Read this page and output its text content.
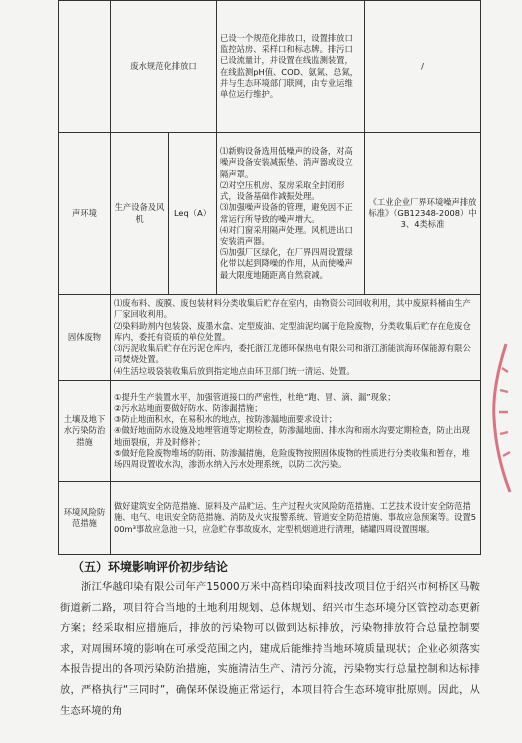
	废水规范化排放口		已设一个规范化排放口，设置排放口监控站房、采样口和标志牌。排污口已设流量计，并设置在线监测装置，在线监测pH值、COD、氨氮、总氮，并与生态环境部门联网，由专业运维单位运行维护。	/
声环境	生产设备及风机	Leq（A）	⑴新购设备选用低噪声的设备，对高噪声设备安装减振垫、消声器或设立隔声罩。

⑵对空压机房、泵房采取全封闭形式，设备基础作减振处理。

⑶加强噪声设备的管理，避免因不正常运行所导致的噪声增大。

⑷对门窗采用隔声处理。风机进出口安装消声器。

⑸加强厂区绿化，在厂界四周设置绿化带以起到降噪的作用，从而使噪声最大限度地随距离自然衰减。	《工业企业厂界环境噪声排放标准》（GB12348-2008）中3、4类标准
固体废物	⑴废布料、废膜、废包装材料分类收集后贮存在室内，由物资公司回收利用，其中废原料桶由生产厂家回收利用。

⑵染料助剂内包装袋、废墨水盒、定型废油、定型油泥均属于危险废物，分类收集后贮存在危废仓库内，委托有资质的单位处置。

⑶污泥收集后贮存在污泥仓库内，委托浙江龙德环保热电有限公司和浙江浙能滨海环保能源有限公司焚烧处置。

⑷生活垃圾袋装收集后放到指定地点由环卫部门统一清运、处置。			

土壤及地下水污染防治措施	①提升生产装置水平，加强管道接口的严密性，杜绝“跑、冒、滴、漏”现象；

②污水站地面要做好防水、防渗漏措施；

③防止地面积水，在易积水的地点，按防渗漏地面要求设计；

④做好地面防水设施及地埋管道等定期检查，防渗漏地面、排水沟和雨水沟要定期检查，防止出现地面裂痕，并及时修补；

⑤做好危险废物堆场的防雨、防渗漏措施，危险废物按照固体废物的性质进行分类收集和暂存，堆场四周设置收水沟，渗沥水纳入污水处理系统，以防二次污染。			

环境风险防范措施	做好建筑安全防范措施、原料及产品贮运、生产过程火灾风险防范措施、工艺技术设计安全防范措施、电气、电讯安全防范措施、消防及火灾报警系统、管道安全防范措施、事故应急预案等。设置500m³事故应急池一只，应急贮存事故废水，定型机烟道进行清理，储罐四周设置围堰。			
（五）环境影响评价初步结论

浙江华越印染有限公司年产15000万米中高档印染面料技改项目位于绍兴市柯桥区马鞍街道新二路，项目符合当地的土地利用规划、总体规划、绍兴市生态环境分区管控动态更新方案；经采取相应措施后，排放的污染物可以做到达标排放，污染物排放符合总量控制要求，对周围环境的影响在可承受范围之内，建成后能维持当地环境质量现状；企业必须落实本报告提出的各项污染防治措施，实施清洁生产、清污分流，污染物实行总量控制和达标排放，严格执行“三同时”，确保环保设施正常运行，本项目符合生态环境审批原则。因此，从生态环境的角
